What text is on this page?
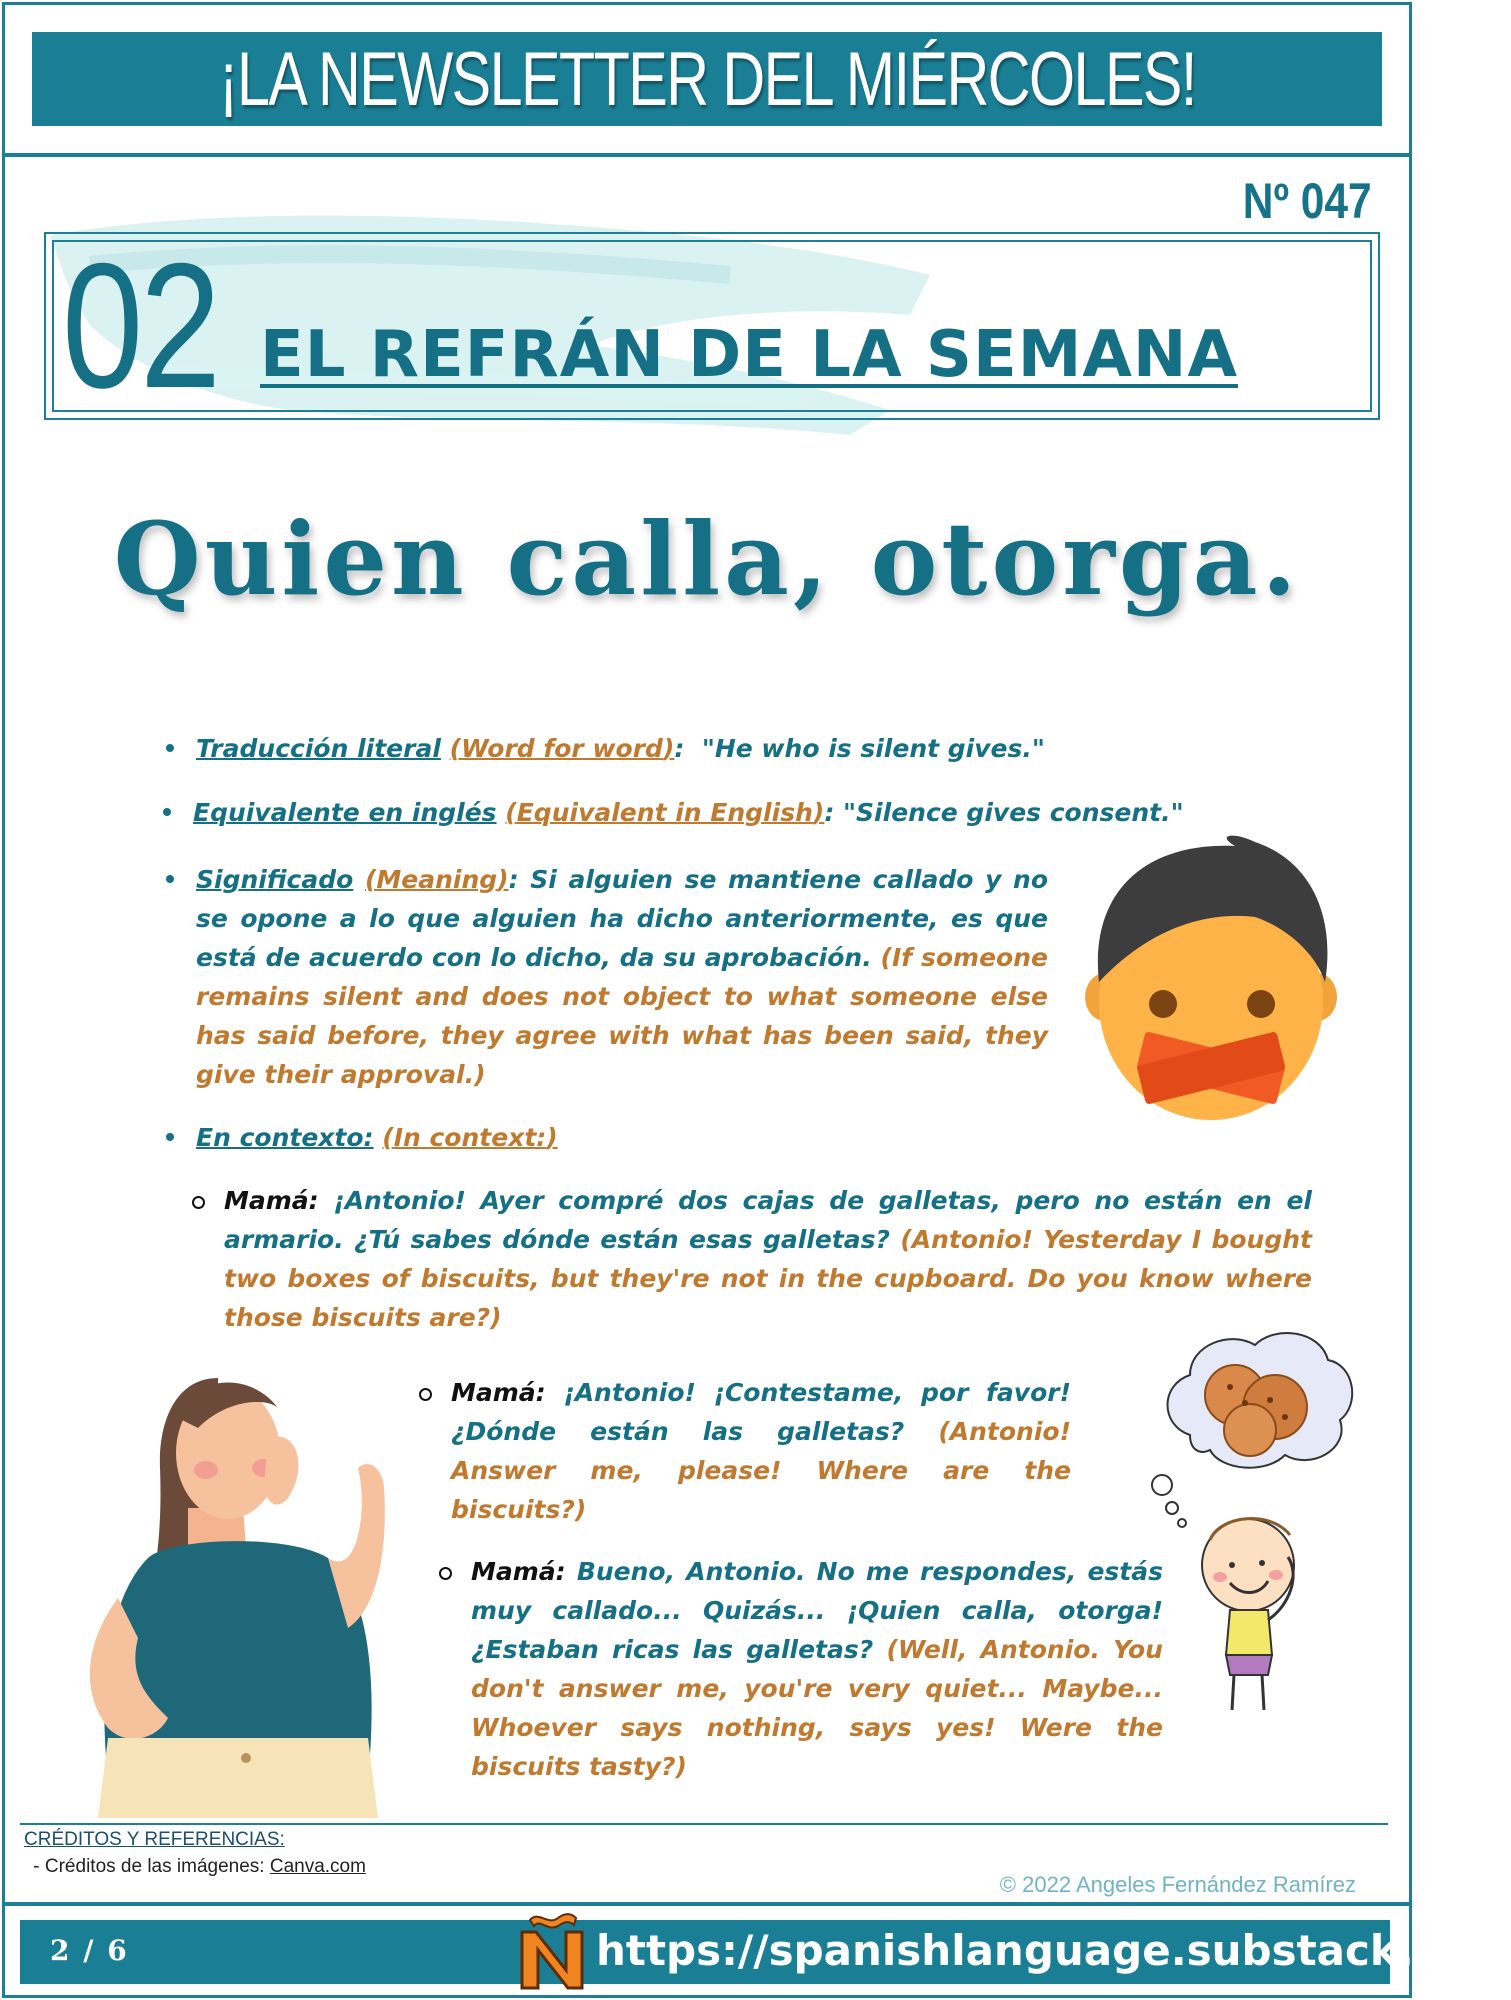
¡LA NEWSLETTER DEL MIÉRCOLES!
Nº 047
02 EL REFRÁN DE LA SEMANA
Quien calla, otorga.
Traducción literal (Word for word):  "He who is silent gives."
Equivalente en inglés (Equivalent in English): "Silence gives consent."
Significado (Meaning): Si alguien se mantiene callado y no se opone a lo que alguien ha dicho anteriormente, es que está de acuerdo con lo dicho, da su aprobación. (If someone remains silent and does not object to what someone else has said before, they agree with what has been said, they give their approval.)
En contexto: (In context:)
Mamá: ¡Antonio! Ayer compré dos cajas de galletas, pero no están en el armario. ¿Tú sabes dónde están esas galletas? (Antonio! Yesterday I bought two boxes of biscuits, but they're not in the cupboard. Do you know where those biscuits are?)
Mamá: ¡Antonio! ¡Contestame, por favor! ¿Dónde están las galletas? (Antonio! Answer me, please! Where are the biscuits?)
Mamá: Bueno, Antonio. No me respondes, estás muy callado... Quizás... ¡Quien calla, otorga! ¿Estaban ricas las galletas? (Well, Antonio. You don't answer me, you're very quiet... Maybe... Whoever says nothing, says yes! Were the biscuits tasty?)
CRÉDITOS Y REFERENCIAS:
- Créditos de las imágenes: Canva.com
© 2022 Angeles Fernández Ramírez
2 / 6	https://spanishlanguage.substack.com
